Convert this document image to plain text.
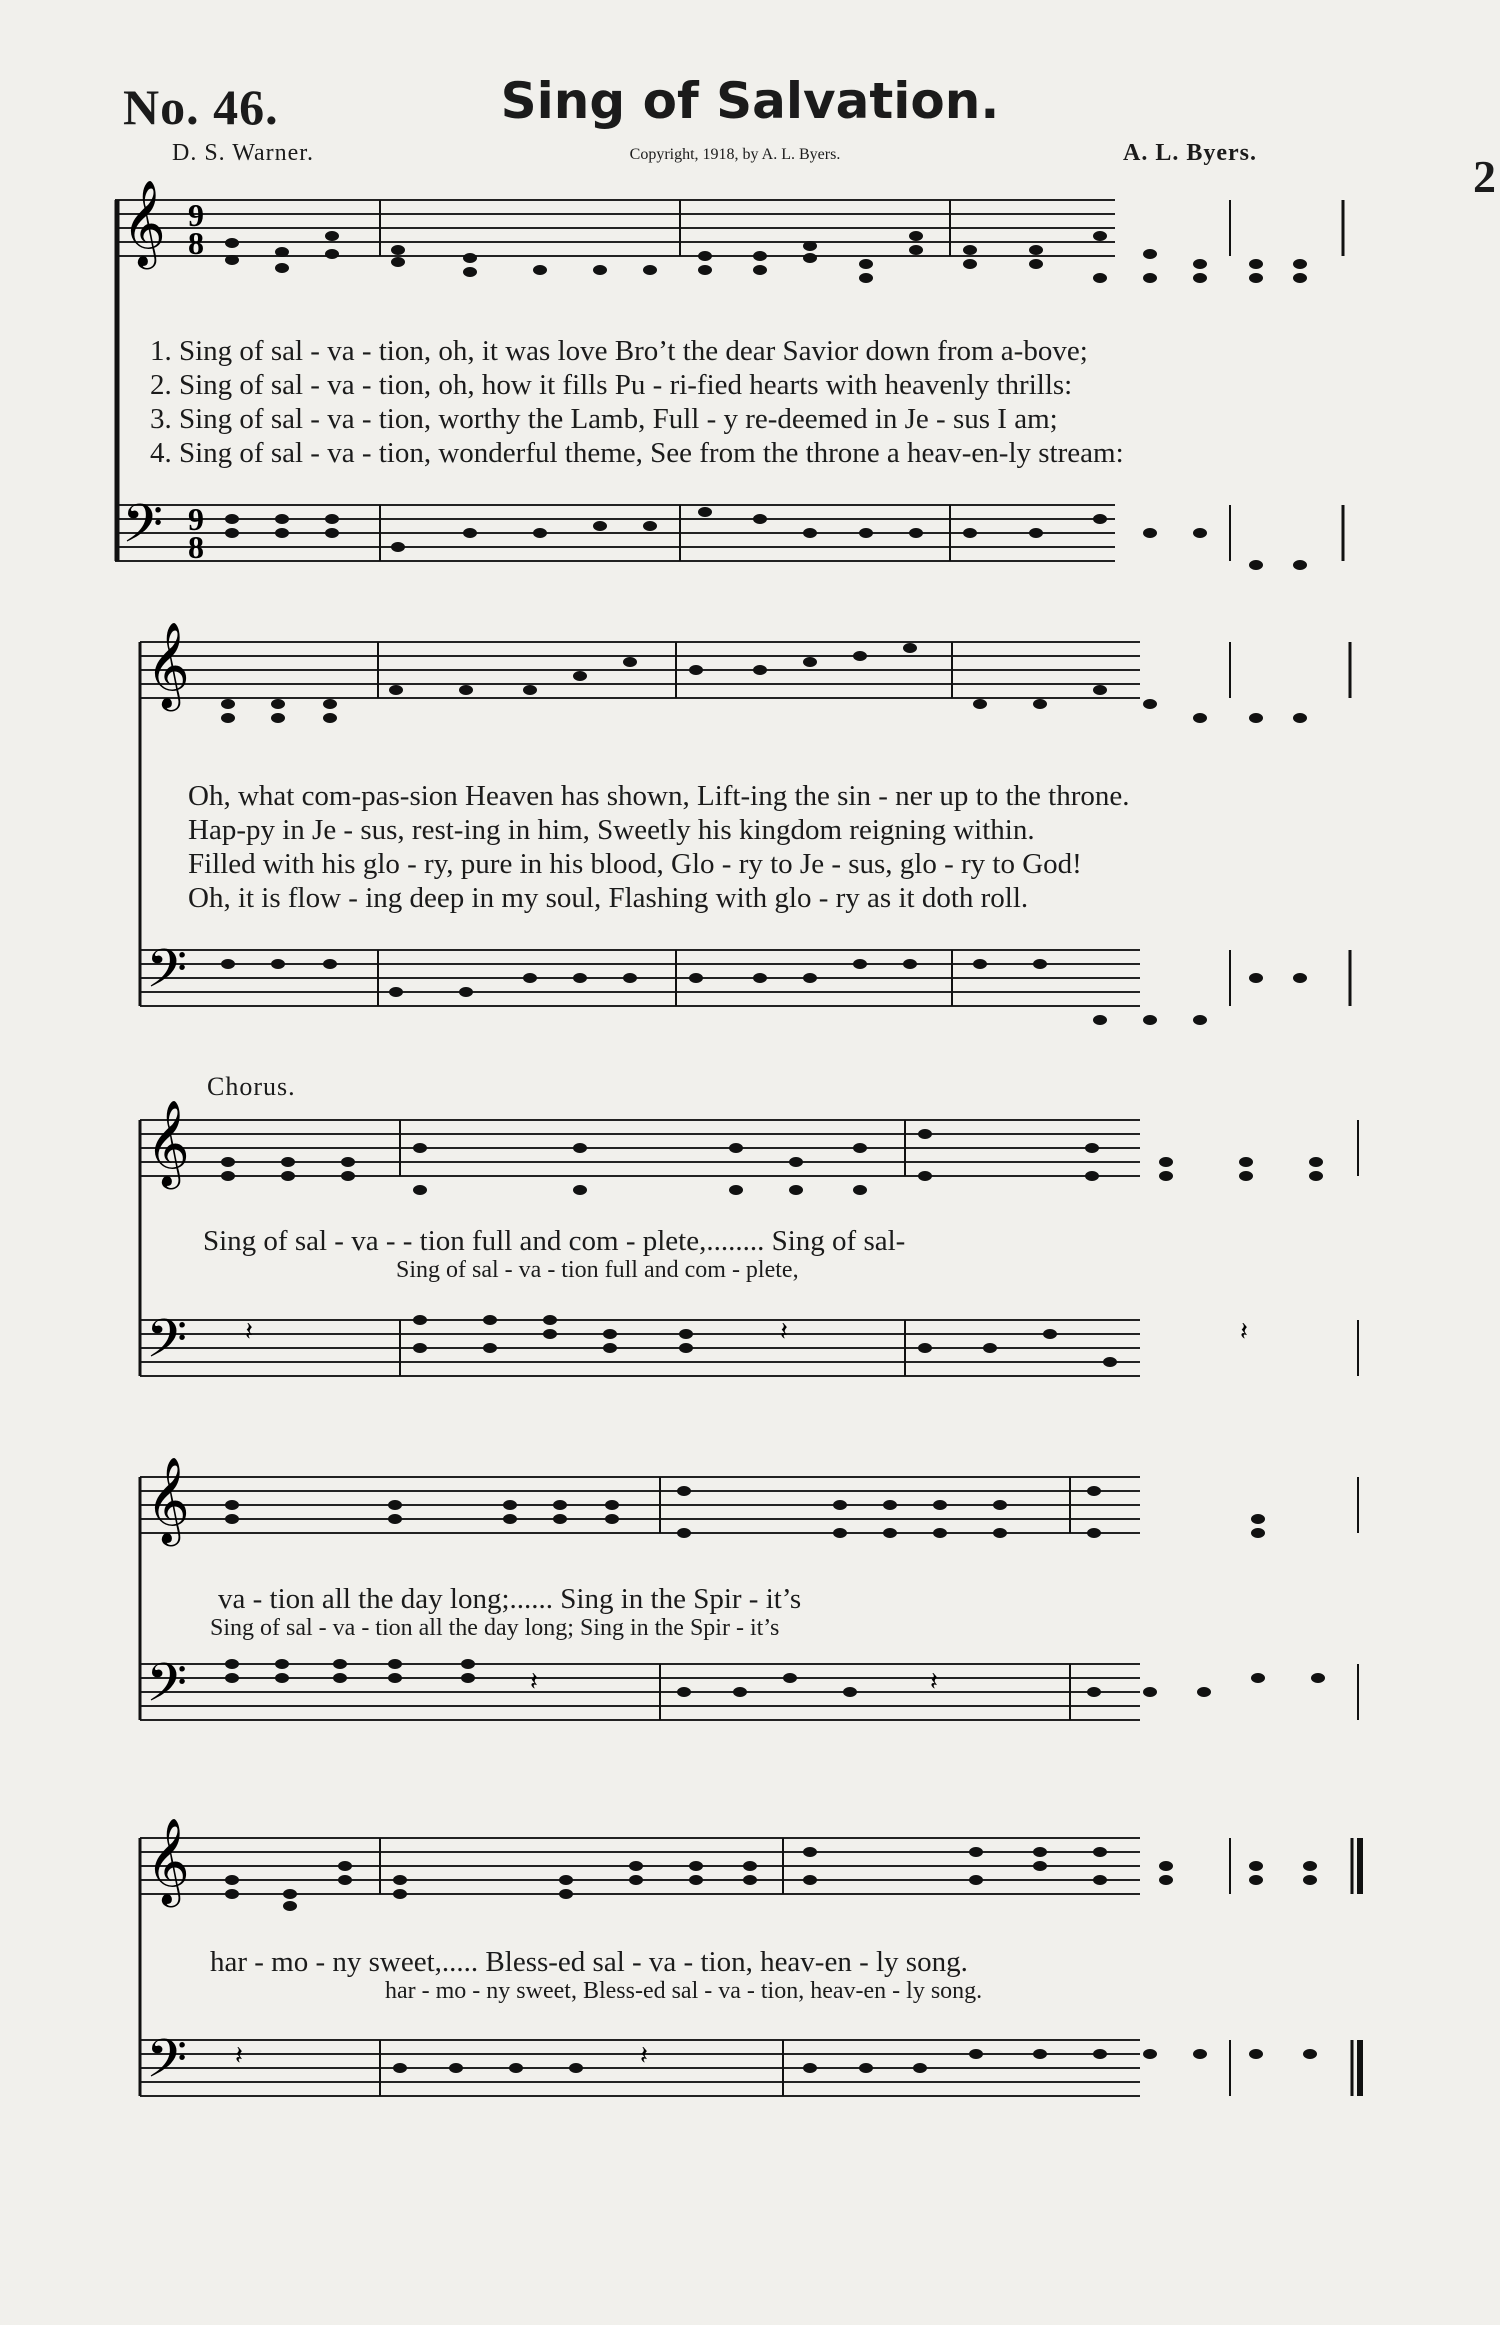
No. 46.	Sing of Salvation.
D. S. Warner.	Copyright, 1918, by A. L. Byers.	A. L. Byers.	2
𝄞
𝄢
9
8
9
8
𝄞
𝄢
𝄞
𝄢 𝄽	𝄽	𝄽
𝄞
𝄢	𝄽	𝄽
𝄞
𝄢 𝄽	𝄽
1. Sing of sal - va - tion, oh, it was love Bro’t the dear Savior down from a-bove;
2. Sing of sal - va - tion, oh, how it fills Pu - ri-fied hearts with heavenly thrills:
3. Sing of sal - va - tion, worthy the Lamb, Full - y re-deemed in Je - sus I am;
4. Sing of sal - va - tion, wonderful theme, See from the throne a heav-en-ly stream:
Oh, what com-pas-sion Heaven has shown, Lift-ing the sin - ner up to the throne.
Hap-py in Je - sus, rest-ing in him, Sweetly his kingdom reigning within.
Filled with his glo - ry, pure in his blood, Glo - ry to Je - sus, glo - ry to God!
Oh, it is flow - ing deep in my soul, Flashing with glo - ry as it doth roll.
Chorus.
Sing of sal - va - - tion full and com - plete,........ Sing of sal-
Sing of sal - va - tion full and com - plete,
va - tion all the day long;...... Sing in the Spir - it’s
Sing of sal - va - tion all the day long; Sing in the Spir - it’s
har - mo - ny sweet,..... Bless-ed sal - va - tion, heav-en - ly song.
har - mo - ny sweet, Bless-ed sal - va - tion, heav-en - ly song.
